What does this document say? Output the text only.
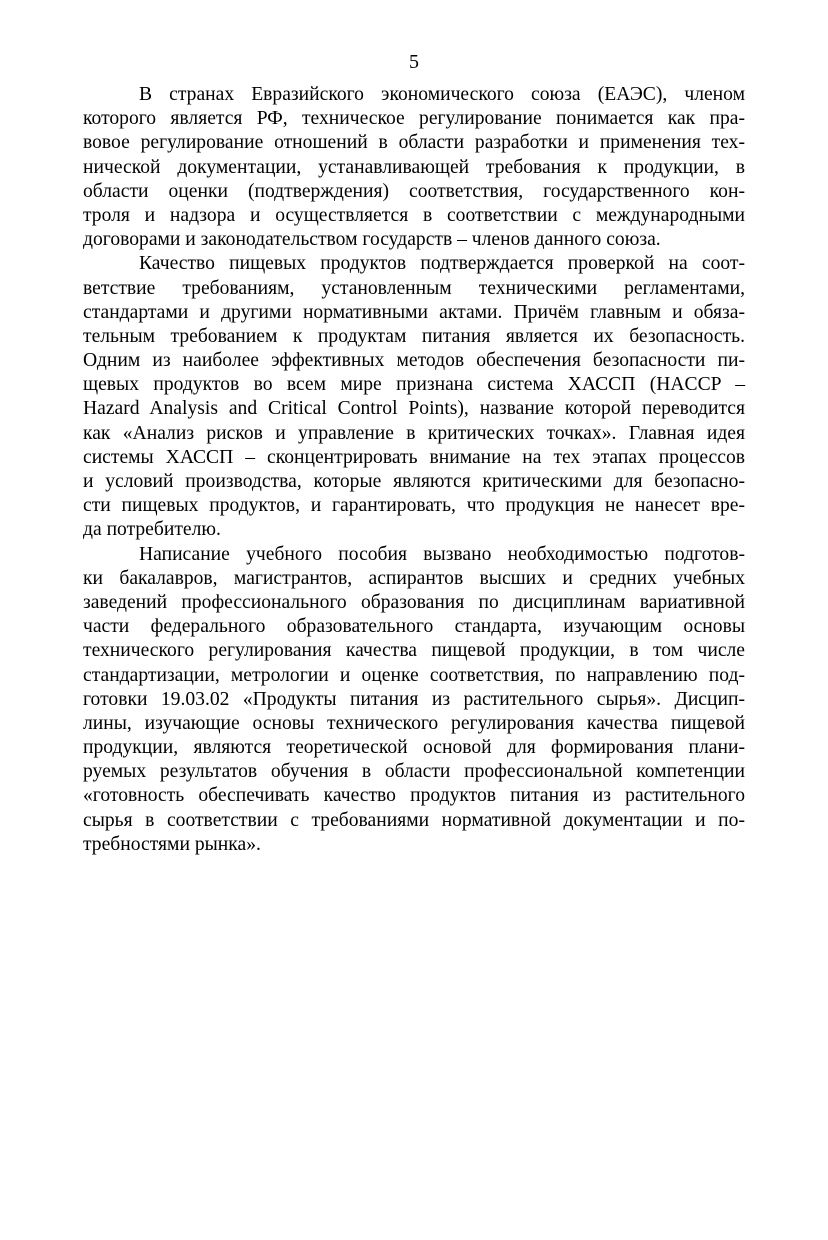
5
В странах Евразийского экономического союза (ЕАЭС), членом
которого является РФ, техническое регулирование понимается как пра-
вовое регулирование отношений в области разработки и применения тех-
нической документации, устанавливающей требования к продукции, в
области оценки (подтверждения) соответствия, государственного кон-
троля и надзора и осуществляется в соответствии с международными
договорами и законодательством государств – членов данного союза.
Качество пищевых продуктов подтверждается проверкой на соот-
ветствие требованиям, установленным техническими регламентами,
стандартами и другими нормативными актами. Причём главным и обяза-
тельным требованием к продуктам питания является их безопасность.
Одним из наиболее эффективных методов обеспечения безопасности пи-
щевых продуктов во всем мире признана система ХАССП (HACCP –
Hazard Analysis and Critical Control Points), название которой переводится
как «Анализ рисков и управление в критических точках». Главная идея
системы ХАССП – сконцентрировать внимание на тех этапах процессов
и условий производства, которые являются критическими для безопасно-
сти пищевых продуктов, и гарантировать, что продукция не нанесет вре-
да потребителю.
Написание учебного пособия вызвано необходимостью подготов-
ки бакалавров, магистрантов, аспирантов высших и средних учебных
заведений профессионального образования по дисциплинам вариативной
части федерального образовательного стандарта, изучающим основы
технического регулирования качества пищевой продукции, в том числе
стандартизации, метрологии и оценке соответствия, по направлению под-
готовки 19.03.02 «Продукты питания из растительного сырья». Дисцип-
лины, изучающие основы технического регулирования качества пищевой
продукции, являются теоретической основой для формирования плани-
руемых результатов обучения в области профессиональной компетенции
«готовность обеспечивать качество продуктов питания из растительного
сырья в соответствии с требованиями нормативной документации и по-
требностями рынка».
